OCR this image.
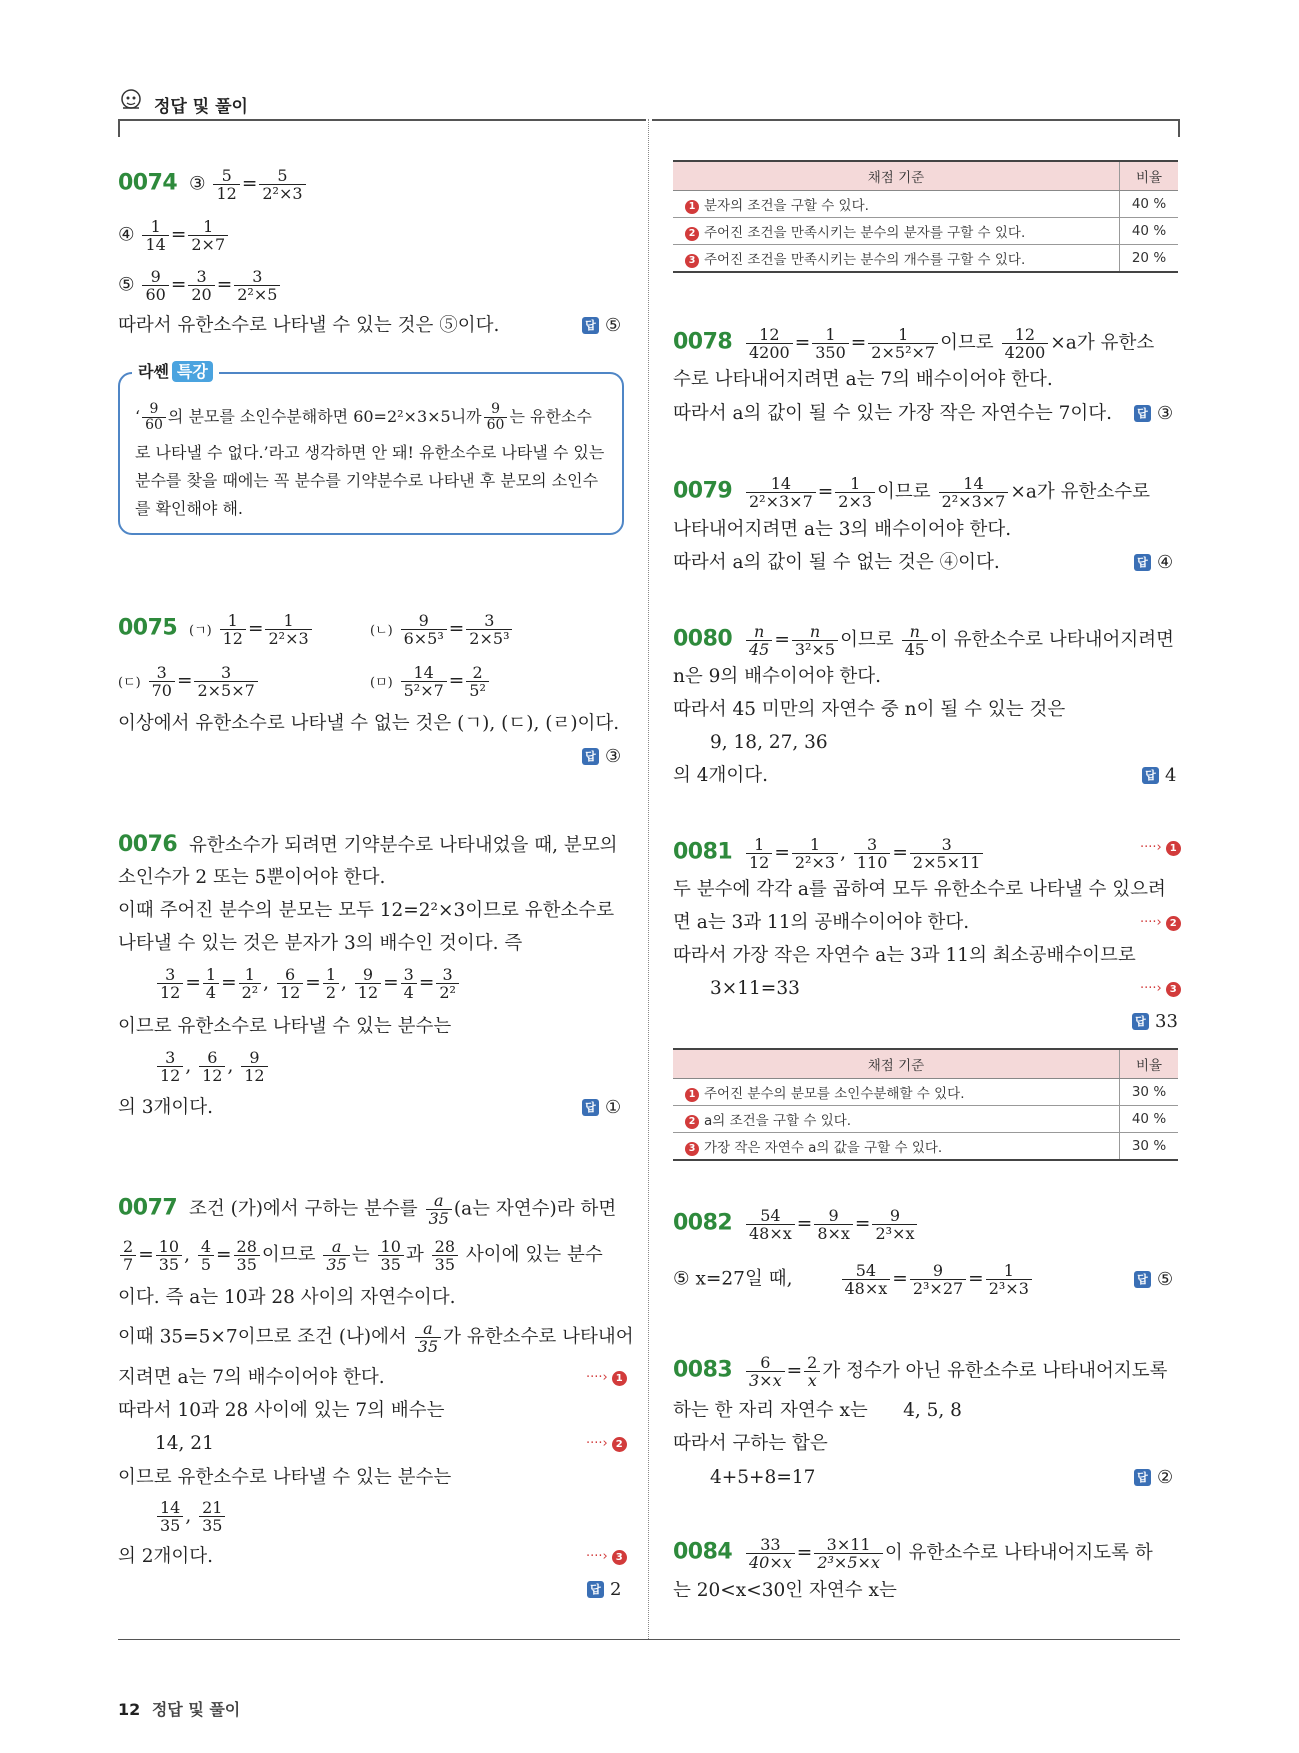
정답 및 풀이
0074 ③ $\frac{5}{12} = \frac{5}{\text{2²×3}}$
④ $\frac{1}{14} = \frac{1}{2\times 7}$
⑤ $\frac{9}{60} = \frac{3}{20} = \frac{3}{\text{2²×5}}$
따라서 유한소수로 나타낼 수 있는 것은 ⑤이다.	답 ⑤
라쎈 특강
‘ $\frac{9}{60}$ 의 분모를 소인수분해하면 60=2²×3×5니까 $\frac{9}{60}$ 는 유한소수
로 나타낼 수 없다.’라고 생각하면 안 돼! 유한소수로 나타낼 수 있는
분수를 찾을 때에는 꼭 분수를 기약분수로 나타낸 후 분모의 소인수
를 확인해야 해.
0075 (ㄱ) $\frac{1}{12} = \frac{1}{\text{2²×3}}$	(ㄴ) $\frac{9}{\text{6×5³}} = \frac{3}{\text{2×5³}}$
(ㄷ) $\frac{3}{70} = \frac{3}{2\times 5\times 7}$	(ㅁ) $\frac{14}{\text{5²×7}} = \frac{2}{\text{5²}}$
이상에서 유한소수로 나타낼 수 없는 것은 (ㄱ), (ㄷ), (ㄹ)이다.
답 ③
0076 유한소수가 되려면 기약분수로 나타내었을 때, 분모의
소인수가 2 또는 5뿐이어야 한다.
이때 주어진 분수의 분모는 모두 12=2²×3이므로 유한소수로
나타낼 수 있는 것은 분자가 3의 배수인 것이다. 즉
$\frac{3}{12} = \frac{1}{4} = \frac{1}{\text{2²}}$ , $\frac{6}{12} = \frac{1}{2}$ , $\frac{9}{12} = \frac{3}{4} = \frac{3}{\text{2²}}$
이므로 유한소수로 나타낼 수 있는 분수는
$\frac{3}{12}$ , $\frac{6}{12}$ , $\frac{9}{12}$
의 3개이다.	답 ①
0077 조건 (가)에서 구하는 분수를 $\frac{a}{35} (a$는 자연수)라 하면
$\frac{2}{7} = \frac{10}{35}$ , $\frac{4}{5} = \frac{28}{35}$ 이므로 $\frac{a}{35}$ 는 $\frac{10}{35}$ 과 $\frac{28}{35}$ 사이에 있는 분수
이다. 즉 a는 10과 28 사이의 자연수이다.
이때 35=5×7이므로 조건 (나)에서 $\frac{a}{35}$ 가 유한소수로 나타내어
지려면 a는 7의 배수이어야 한다.	····› 1
따라서 10과 28 사이에 있는 7의 배수는
14, 21	····› 2
이므로 유한소수로 나타낼 수 있는 분수는
$\frac{14}{35}$ , $\frac{21}{35}$
의 2개이다.	····› 3
답 2
채점 기준	비율
1 분자의 조건을 구할 수 있다.	40 %
2 주어진 조건을 만족시키는 분수의 분자를 구할 수 있다.	40 %
3 주어진 조건을 만족시키는 분수의 개수를 구할 수 있다.	20 %
$0078 \frac{12}{4200} = \frac{1}{350} = \frac{1}{\text{2×5²×7}}$ 이므로 $\frac{12}{4200} \times a$가 유한소
수로 나타내어지려면 a는 7의 배수이어야 한다.
따라서 a의 값이 될 수 있는 가장 작은 자연수는 7이다. 답 ③
$0079 \frac{14}{\text{2²×3×7}} = \frac{1}{2\times 3}$ 이므로 $\frac{14}{\text{2²×3×7}} \times a$가 유한소수로
나타내어지려면 a는 3의 배수이어야 한다.
따라서 a의 값이 될 수 없는 것은 ④이다.	답 ④
$0080 \frac{n}{45} = \frac{n}{\text{3²×5}}$ 이므로 $\frac{n}{45}$ 이 유한소수로 나타내어지려면
n은 9의 배수이어야 한다.
따라서 45 미만의 자연수 중 n이 될 수 있는 것은
9, 18, 27, 36
의 4개이다.	답 4
$0081 \frac{1}{12} = \frac{1}{\text{2²×3}}$ , $\frac{3}{110} = \frac{3}{2\times 5\times 11}$	····› 1
두 분수에 각각 a를 곱하여 모두 유한소수로 나타낼 수 있으려
면 a는 3과 11의 공배수이어야 한다.	····› 2
따라서 가장 작은 자연수 a는 3과 11의 최소공배수이므로
3×11=33	····› 3
답 33
채점 기준	비율
1 주어진 분수의 분모를 소인수분해할 수 있다.	30 %
2 a의 조건을 구할 수 있다.	40 %
3 가장 작은 자연수 a의 값을 구할 수 있다.	30 %
$0082 \frac{54}{48\times x} = \frac{9}{8\times x} = \frac{9}{\text{2³×x}}$
⑤ x=27일 때,	$\frac{54}{48\times x} = \frac{9}{\text{2³×27}} = \frac{1}{\text{2³×3}}$	답 ⑤
$0083 \frac{6}{3\times x} = \frac{2}{x}$ 가 정수가 아닌 유한소수로 나타내어지도록
하는 한 자리 자연수 x는 4, 5, 8
따라서 구하는 합은
4+5+8=17	답 ②
$0084 \frac{33}{40\times x} = \frac{3\times 11}{\text{2³×5×x}}$ 이 유한소수로 나타내어지도록 하
는 20<x<30인 자연수 x는
12 정답 및 풀이
